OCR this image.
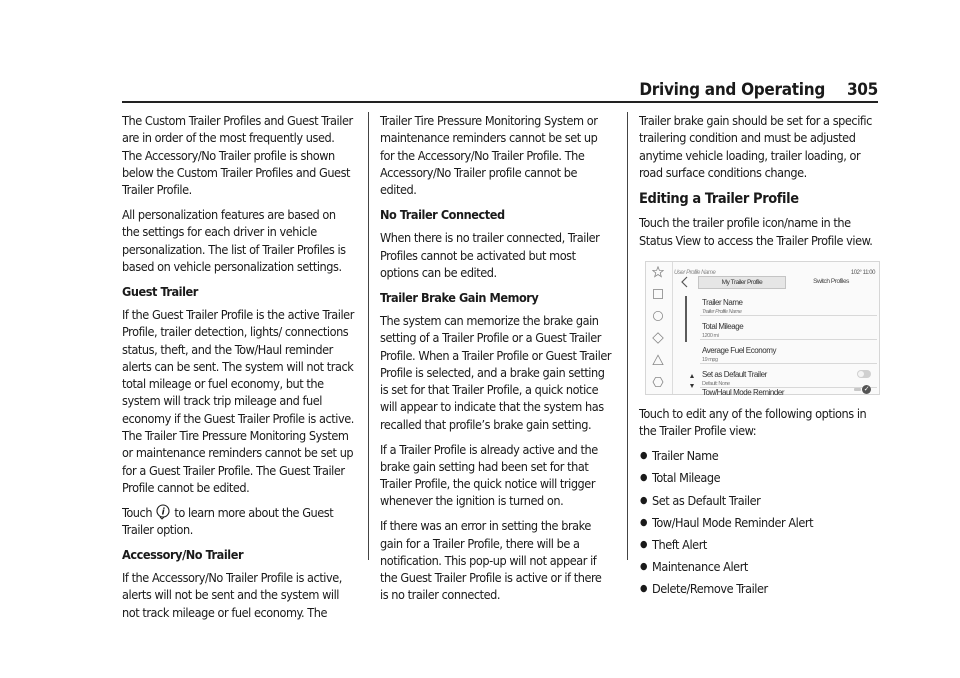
Driving and Operating 305

The Custom Trailer Profiles and Guest Trailer are in order of the most frequently used. The Accessory/No Trailer profile is shown below the Custom Trailer Profiles and Guest Trailer Profile.

All personalization features are based on the settings for each driver in vehicle personalization. The list of Trailer Profiles is based on vehicle personalization settings.

Guest Trailer

If the Guest Trailer Profile is the active Trailer Profile, trailer detection, lights/ connections status, theft, and the Tow/Haul reminder alerts can be sent. The system will not track total mileage or fuel economy, but the system will track trip mileage and fuel economy if the Guest Trailer Profile is active. The Trailer Tire Pressure Monitoring System or maintenance reminders cannot be set up for a Guest Trailer Profile. The Guest Trailer Profile cannot be edited.

Touch i to learn more about the Guest Trailer option.

Accessory/No Trailer

If the Accessory/No Trailer Profile is active, alerts will not be sent and the system will not track mileage or fuel economy. The

Trailer Tire Pressure Monitoring System or maintenance reminders cannot be set up for the Accessory/No Trailer Profile. The Accessory/No Trailer profile cannot be edited.

No Trailer Connected

When there is no trailer connected, Trailer Profiles cannot be activated but most options can be edited.

Trailer Brake Gain Memory

The system can memorize the brake gain setting of a Trailer Profile or a Guest Trailer Profile. When a Trailer Profile or Guest Trailer Profile is selected, and a brake gain setting is set for that Trailer Profile, a quick notice will appear to indicate that the system has recalled that profile’s brake gain setting.

If a Trailer Profile is already active and the brake gain setting had been set for that Trailer Profile, the quick notice will trigger whenever the ignition is turned on.

If there was an error in setting the brake gain for a Trailer Profile, there will be a notification. This pop-up will not appear if the Guest Trailer Profile is active or if there is no trailer connected.

Trailer brake gain should be set for a specific trailering condition and must be adjusted anytime vehicle loading, trailer loading, or road surface conditions change.

Editing a Trailer Profile

Touch the trailer profile icon/name in the Status View to access the Trailer Profile view.

User Profile Name	102° 11:00
My Trailer Profile	Switch Profiles
Trailer Name
Trailer Profile Name
Total Mileage
1200 mi
Average Fuel Economy
19 mpg
Set as Default Trailer
Default: None
Tow/Haul Mode Reminder	✓

Touch to edit any of the following options in the Trailer Profile view:

● Trailer Name
● Total Mileage
● Set as Default Trailer
● Tow/Haul Mode Reminder Alert
● Theft Alert
● Maintenance Alert
● Delete/Remove Trailer
